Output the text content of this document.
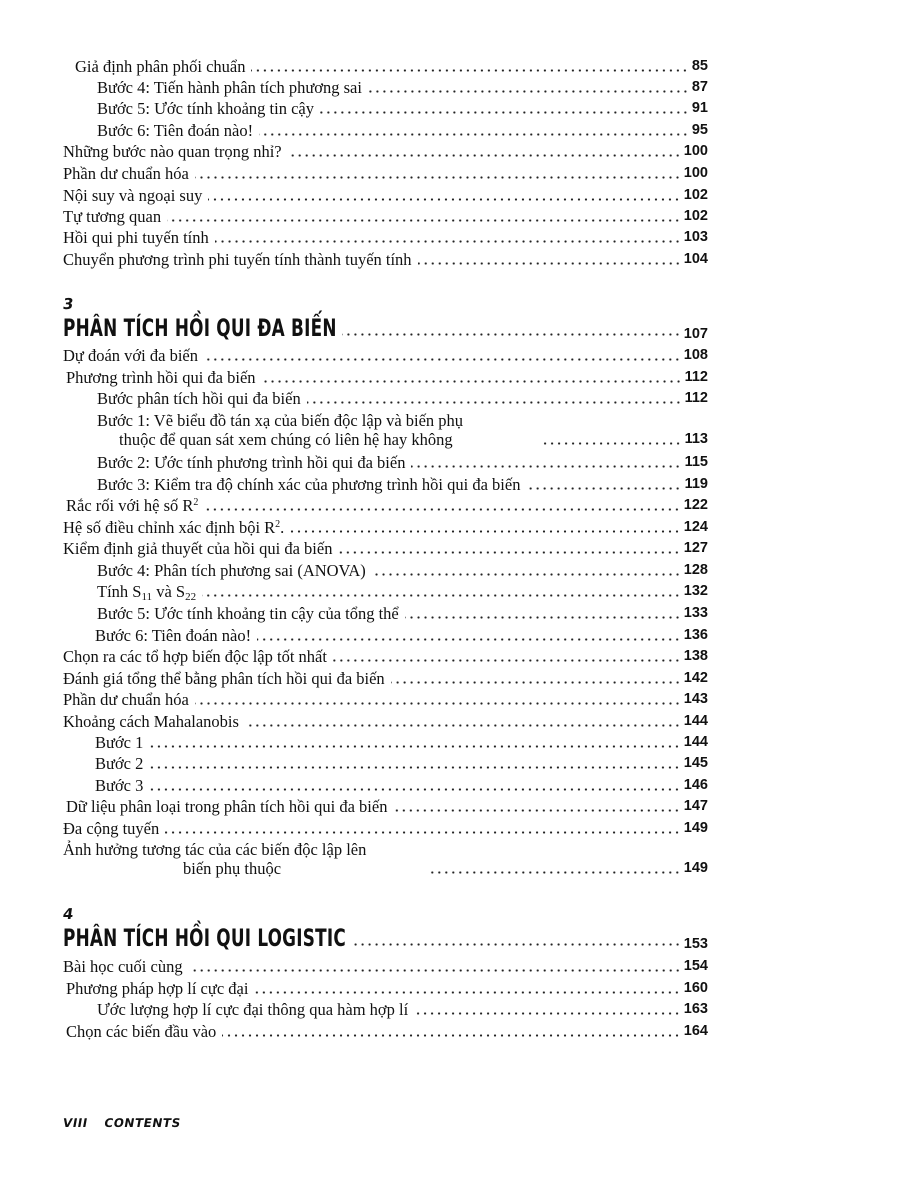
Giả định phân phối chuẩn	85
Bước 4: Tiến hành phân tích phương sai	87
Bước 5: Ước tính khoảng tin cậy	91
Bước 6: Tiên đoán nào!	95
Những bước nào quan trọng nhỉ?	100
Phần dư chuẩn hóa	100
Nội suy và ngoại suy	102
Tự tương quan	102
Hồi qui phi tuyến tính	103
Chuyển phương trình phi tuyến tính thành tuyến tính	104
3
PHÂN TÍCH HỒI QUI ĐA BIẾN	107
Dự đoán với đa biến	108
Phương trình hồi qui đa biến	112
Bước phân tích hồi qui đa biến	112
Bước 1: Vẽ biểu đồ tán xạ của biến độc lập và biến phụ
thuộc để quan sát xem chúng có liên hệ hay không	113
Bước 2: Ước tính phương trình hồi qui đa biến	115
Bước 3: Kiểm tra độ chính xác của phương trình hồi qui đa biến	119
Rắc rối với hệ số $R^2$	122
Hệ số điều chỉnh xác định bội $R^2$.	124
Kiểm định giả thuyết của hồi qui đa biến	127
Bước 4: Phân tích phương sai (ANOVA)	128
Tính $S_{11}$ và $S_{22}$	132
Bước 5: Ước tính khoảng tin cậy của tổng thể	133
Bước 6: Tiên đoán nào!	136
Chọn ra các tổ hợp biến độc lập tốt nhất	138
Đánh giá tổng thể bằng phân tích hồi qui đa biến	142
Phần dư chuẩn hóa	143
Khoảng cách Mahalanobis	144
Bước 1	144
Bước 2	145
Bước 3	146
Dữ liệu phân loại trong phân tích hồi qui đa biến	147
Đa cộng tuyến	149
Ảnh hưởng tương tác của các biến độc lập lên
biến phụ thuộc	149
4
PHÂN TÍCH HỒI QUI LOGISTIC	153
Bài học cuối cùng	154
Phương pháp hợp lí cực đại	160
Ước lượng hợp lí cực đại thông qua hàm hợp lí	163
Chọn các biến đầu vào	164
VIII CONTENTS
